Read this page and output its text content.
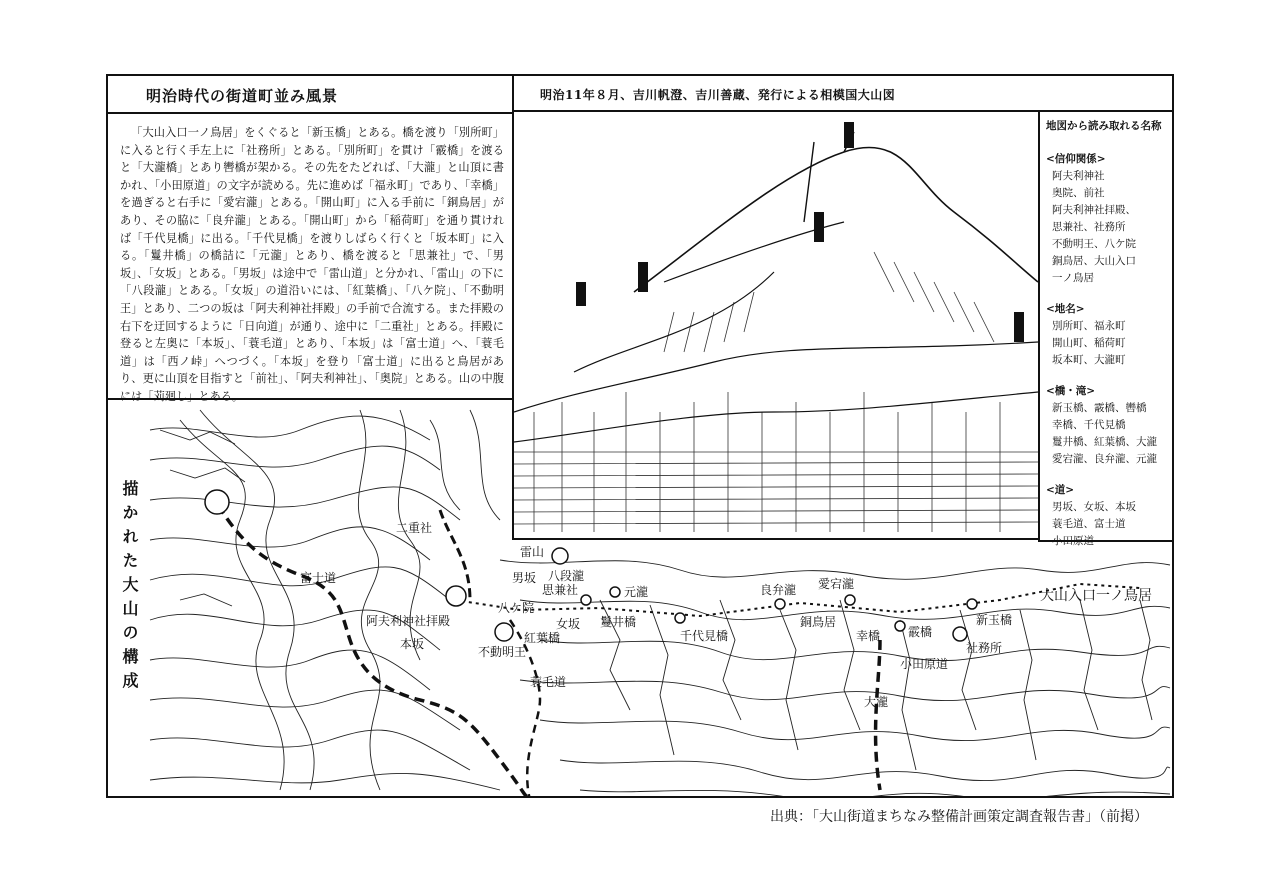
二重社
雷山
男坂 八段瀧
思兼社	元瀧
富士道
阿夫利神社拝殿
八ケ院
女坂 鬘井橋
紅葉橋
不動明王
本坂
蓑毛道
千代見橋
良弁瀧
銅鳥居
愛宕瀧
幸橋 霰橋
新玉橋
大山入口一ノ鳥居
社務所
小田原道
大瀧
明治時代の街道町並み風景
「大山入口一ノ鳥居」をくぐると「新玉橋」とある。橋を渡り「別所町」に入ると行く手左上に「社務所」とある。「別所町」を貫け「霰橋」を渡ると「大瀧橋」とあり轡橋が架かる。その先をたどれば、「大瀧」と山頂に書かれ、「小田原道」の文字が読める。先に進めば「福永町」であり、「幸橋」を過ぎると右手に「愛宕瀧」とある。「開山町」に入る手前に「銅鳥居」があり、その脇に「良弁瀧」とある。「開山町」から「稲荷町」を通り貫ければ「千代見橋」に出る。「千代見橋」を渡りしばらく行くと「坂本町」に入る。「鬘井橋」の橋詰に「元瀧」とあり、橋を渡ると「思兼社」で、「男坂」、「女坂」とある。「男坂」は途中で「雷山道」と分かれ、「雷山」の下に「八段瀧」とある。「女坂」の道沿いには、「紅葉橋」、「八ケ院」、「不動明王」とあり、二つの坂は「阿夫利神社拝殿」の手前で合流する。また拝殿の右下を迂回するように「日向道」が通り、途中に「二重社」とある。拝殿に登ると左奥に「本坂」、「蓑毛道」とあり、「本坂」は「富士道」へ、「蓑毛道」は「西ノ峠」へつづく。「本坂」を登り「富士道」に出ると鳥居があり、更に山頂を目指すと「前社」、「阿夫利神社」、「奥院」とある。山の中腹には「苅廻し」とある。
明治11年８月、吉川帆澄、吉川善蔵、発行による相模国大山図
地図から読み取れる名称
<信仰関係>
阿夫利神社
奥院、前社
阿夫利神社拝殿、
思兼社、社務所
不動明王、八ケ院
銅鳥居、大山入口
一ノ鳥居
<地名>
別所町、福永町
開山町、稲荷町
坂本町、大瀧町
<橋・滝>
新玉橋、霰橋、轡橋
幸橋、千代見橋
鬘井橋、紅葉橋、大瀧
愛宕瀧、良弁瀧、元瀧
<道>
男坂、女坂、本坂
蓑毛道、富士道
小田原道
描かれた大山の構成
出典：「大山街道まちなみ整備計画策定調査報告書」（前掲）
